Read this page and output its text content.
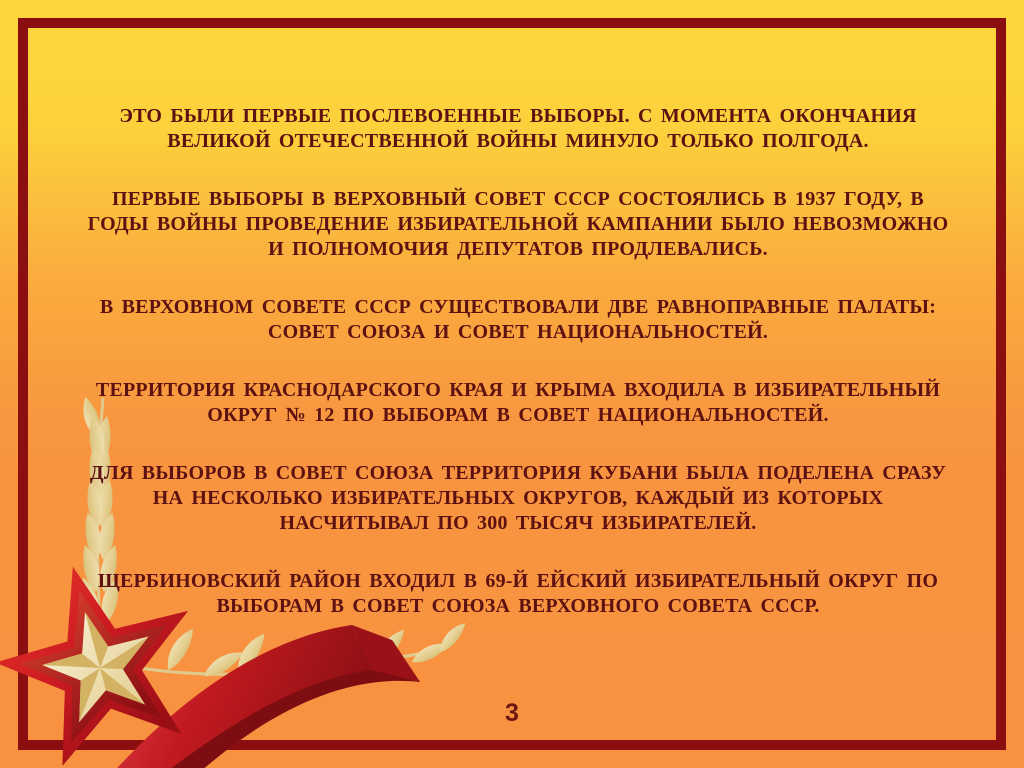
ЭТО БЫЛИ ПЕРВЫЕ ПОСЛЕВОЕННЫЕ ВЫБОРЫ. С МОМЕНТА ОКОНЧАНИЯ
ВЕЛИКОЙ ОТЕЧЕСТВЕННОЙ ВОЙНЫ МИНУЛО ТОЛЬКО ПОЛГОДА.

ПЕРВЫЕ ВЫБОРЫ В ВЕРХОВНЫЙ СОВЕТ СССР СОСТОЯЛИСЬ В 1937 ГОДУ, В
ГОДЫ ВОЙНЫ ПРОВЕДЕНИЕ ИЗБИРАТЕЛЬНОЙ КАМПАНИИ БЫЛО НЕВОЗМОЖНО
И ПОЛНОМОЧИЯ ДЕПУТАТОВ ПРОДЛЕВАЛИСЬ.

В ВЕРХОВНОМ СОВЕТЕ СССР СУЩЕСТВОВАЛИ ДВЕ РАВНОПРАВНЫЕ ПАЛАТЫ:
СОВЕТ СОЮЗА И СОВЕТ НАЦИОНАЛЬНОСТЕЙ.

ТЕРРИТОРИЯ КРАСНОДАРСКОГО КРАЯ И КРЫМА ВХОДИЛА В ИЗБИРАТЕЛЬНЫЙ
ОКРУГ № 12 ПО ВЫБОРАМ В СОВЕТ НАЦИОНАЛЬНОСТЕЙ.

ДЛЯ ВЫБОРОВ В СОВЕТ СОЮЗА ТЕРРИТОРИЯ КУБАНИ БЫЛА ПОДЕЛЕНА СРАЗУ
НА НЕСКОЛЬКО ИЗБИРАТЕЛЬНЫХ ОКРУГОВ, КАЖДЫЙ ИЗ КОТОРЫХ
НАСЧИТЫВАЛ ПО 300 ТЫСЯЧ ИЗБИРАТЕЛЕЙ.

ЩЕРБИНОВСКИЙ РАЙОН ВХОДИЛ В 69-Й ЕЙСКИЙ ИЗБИРАТЕЛЬНЫЙ ОКРУГ ПО
ВЫБОРАМ В СОВЕТ СОЮЗА ВЕРХОВНОГО СОВЕТА СССР.

3
